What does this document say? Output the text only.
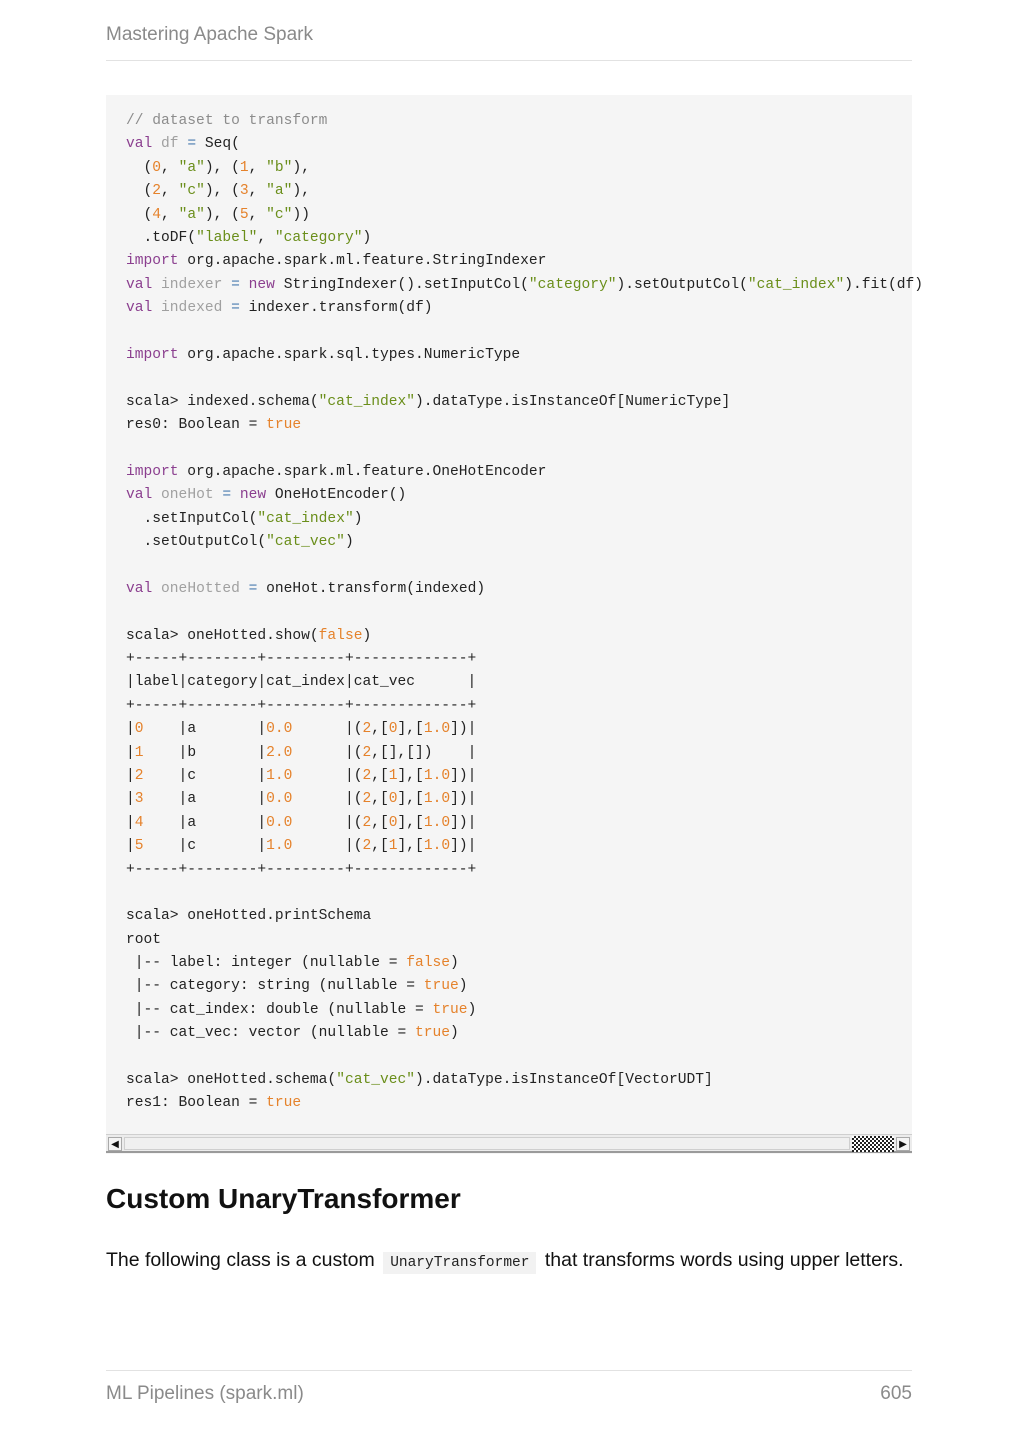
Mastering Apache Spark
// dataset to transform
val df = Seq(
(0, "a"), (1, "b"),
(2, "c"), (3, "a"),
(4, "a"), (5, "c"))
.toDF("label", "category")
import org.apache.spark.ml.feature.StringIndexer
val indexer = new StringIndexer().setInputCol("category").setOutputCol("cat_index").fit(df)
val indexed = indexer.transform(df)

import org.apache.spark.sql.types.NumericType

scala> indexed.schema("cat_index").dataType.isInstanceOf[NumericType]
res0: Boolean = true

import org.apache.spark.ml.feature.OneHotEncoder
val oneHot = new OneHotEncoder()
.setInputCol("cat_index")
.setOutputCol("cat_vec")

val oneHotted = oneHot.transform(indexed)

scala> oneHotted.show(false)
+-----+--------+---------+-------------+
|label|category|cat_index|cat_vec      |
+-----+--------+---------+-------------+
|0    |a       |0.0      |(2,[0],[1.0])|
|1    |b       |2.0      |(2,[],[])    |
|2    |c       |1.0      |(2,[1],[1.0])|
|3    |a       |0.0      |(2,[0],[1.0])|
|4    |a       |0.0      |(2,[0],[1.0])|
|5    |c       |1.0      |(2,[1],[1.0])|
+-----+--------+---------+-------------+

scala> oneHotted.printSchema
root
|-- label: integer (nullable = false)
|-- category: string (nullable = true)
|-- cat_index: double (nullable = true)
|-- cat_vec: vector (nullable = true)

scala> oneHotted.schema("cat_vec").dataType.isInstanceOf[VectorUDT]
res1: Boolean = true
◀	▶
Custom UnaryTransformer

The following class is a custom UnaryTransformer that transforms words using upper letters.

ML Pipelines (spark.ml)	605
